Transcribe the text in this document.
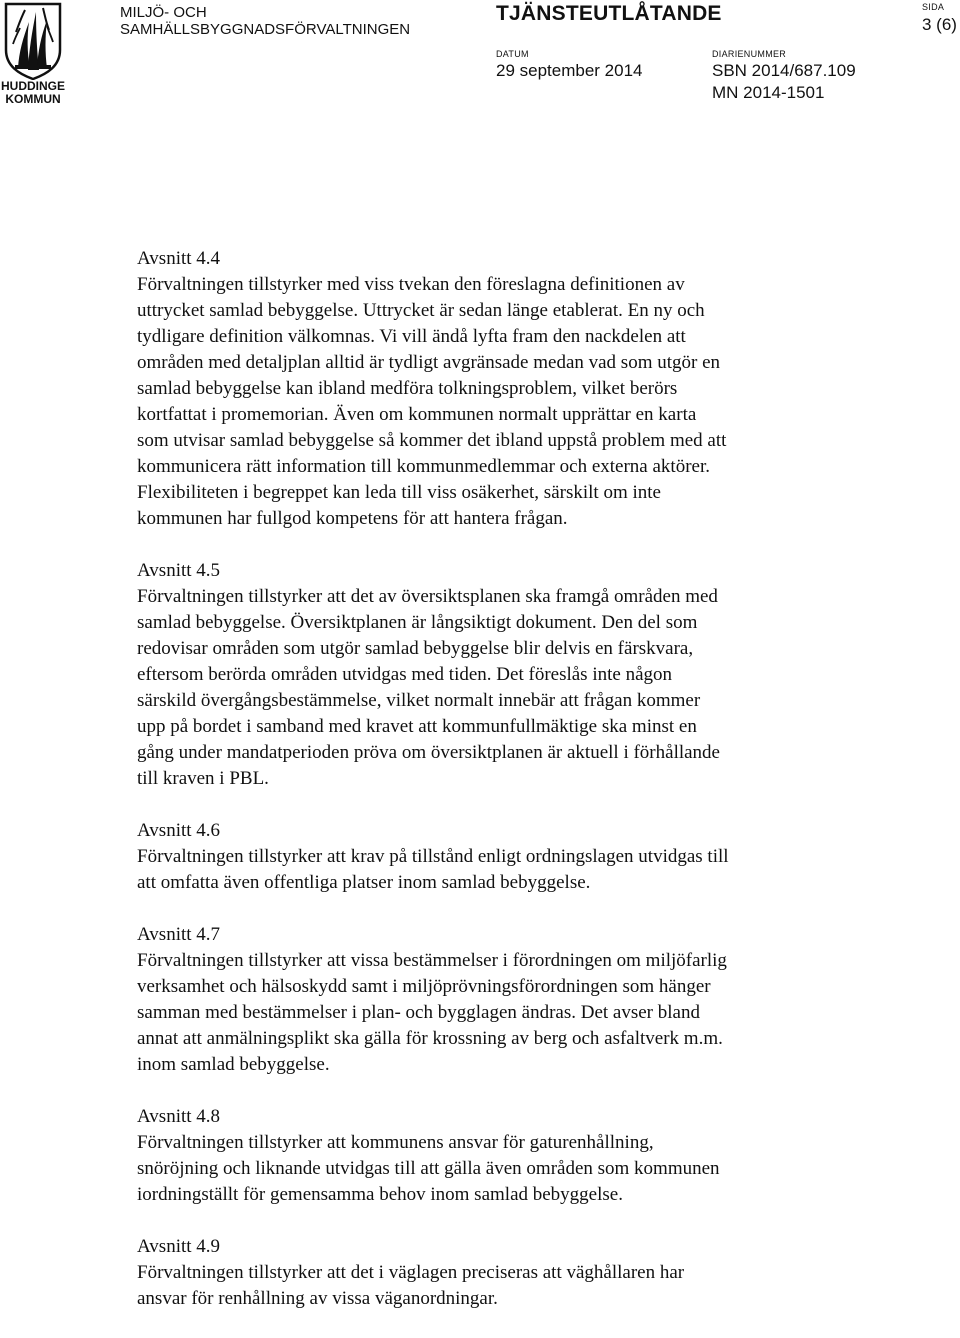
HUDDINGE
KOMMUN
MILJÖ- OCH
SAMHÄLLSBYGGNADSFÖRVALTNINGEN
TJÄNSTEUTLÅTANDE	SIDA
3 (6)
DATUM
29 september 2014
DIARIENUMMER
SBN 2014/687.109
MN 2014-1501
Avsnitt 4.4
Förvaltningen tillstyrker med viss tvekan den föreslagna definitionen av
uttrycket samlad bebyggelse. Uttrycket är sedan länge etablerat. En ny och
tydligare definition välkomnas. Vi vill ändå lyfta fram den nackdelen att
områden med detaljplan alltid är tydligt avgränsade medan vad som utgör en
samlad bebyggelse kan ibland medföra tolkningsproblem, vilket berörs
kortfattat i promemorian. Även om kommunen normalt upprättar en karta
som utvisar samlad bebyggelse så kommer det ibland uppstå problem med att
kommunicera rätt information till kommunmedlemmar och externa aktörer.
Flexibiliteten i begreppet kan leda till viss osäkerhet, särskilt om inte
kommunen har fullgod kompetens för att hantera frågan.
Avsnitt 4.5
Förvaltningen tillstyrker att det av översiktsplanen ska framgå områden med
samlad bebyggelse. Översiktplanen är långsiktigt dokument. Den del som
redovisar områden som utgör samlad bebyggelse blir delvis en färskvara,
eftersom berörda områden utvidgas med tiden. Det föreslås inte någon
särskild övergångsbestämmelse, vilket normalt innebär att frågan kommer
upp på bordet i samband med kravet att kommunfullmäktige ska minst en
gång under mandatperioden pröva om översiktplanen är aktuell i förhållande
till kraven i PBL.
Avsnitt 4.6
Förvaltningen tillstyrker att krav på tillstånd enligt ordningslagen utvidgas till
att omfatta även offentliga platser inom samlad bebyggelse.
Avsnitt 4.7
Förvaltningen tillstyrker att vissa bestämmelser i förordningen om miljöfarlig
verksamhet och hälsoskydd samt i miljöprövningsförordningen som hänger
samman med bestämmelser i plan- och bygglagen ändras. Det avser bland
annat att anmälningsplikt ska gälla för krossning av berg och asfaltverk m.m.
inom samlad bebyggelse.
Avsnitt 4.8
Förvaltningen tillstyrker att kommunens ansvar för gaturenhållning,
snöröjning och liknande utvidgas till att gälla även områden som kommunen
iordningställt för gemensamma behov inom samlad bebyggelse.
Avsnitt 4.9
Förvaltningen tillstyrker att det i väglagen preciseras att väghållaren har
ansvar för renhållning av vissa väganordningar.
